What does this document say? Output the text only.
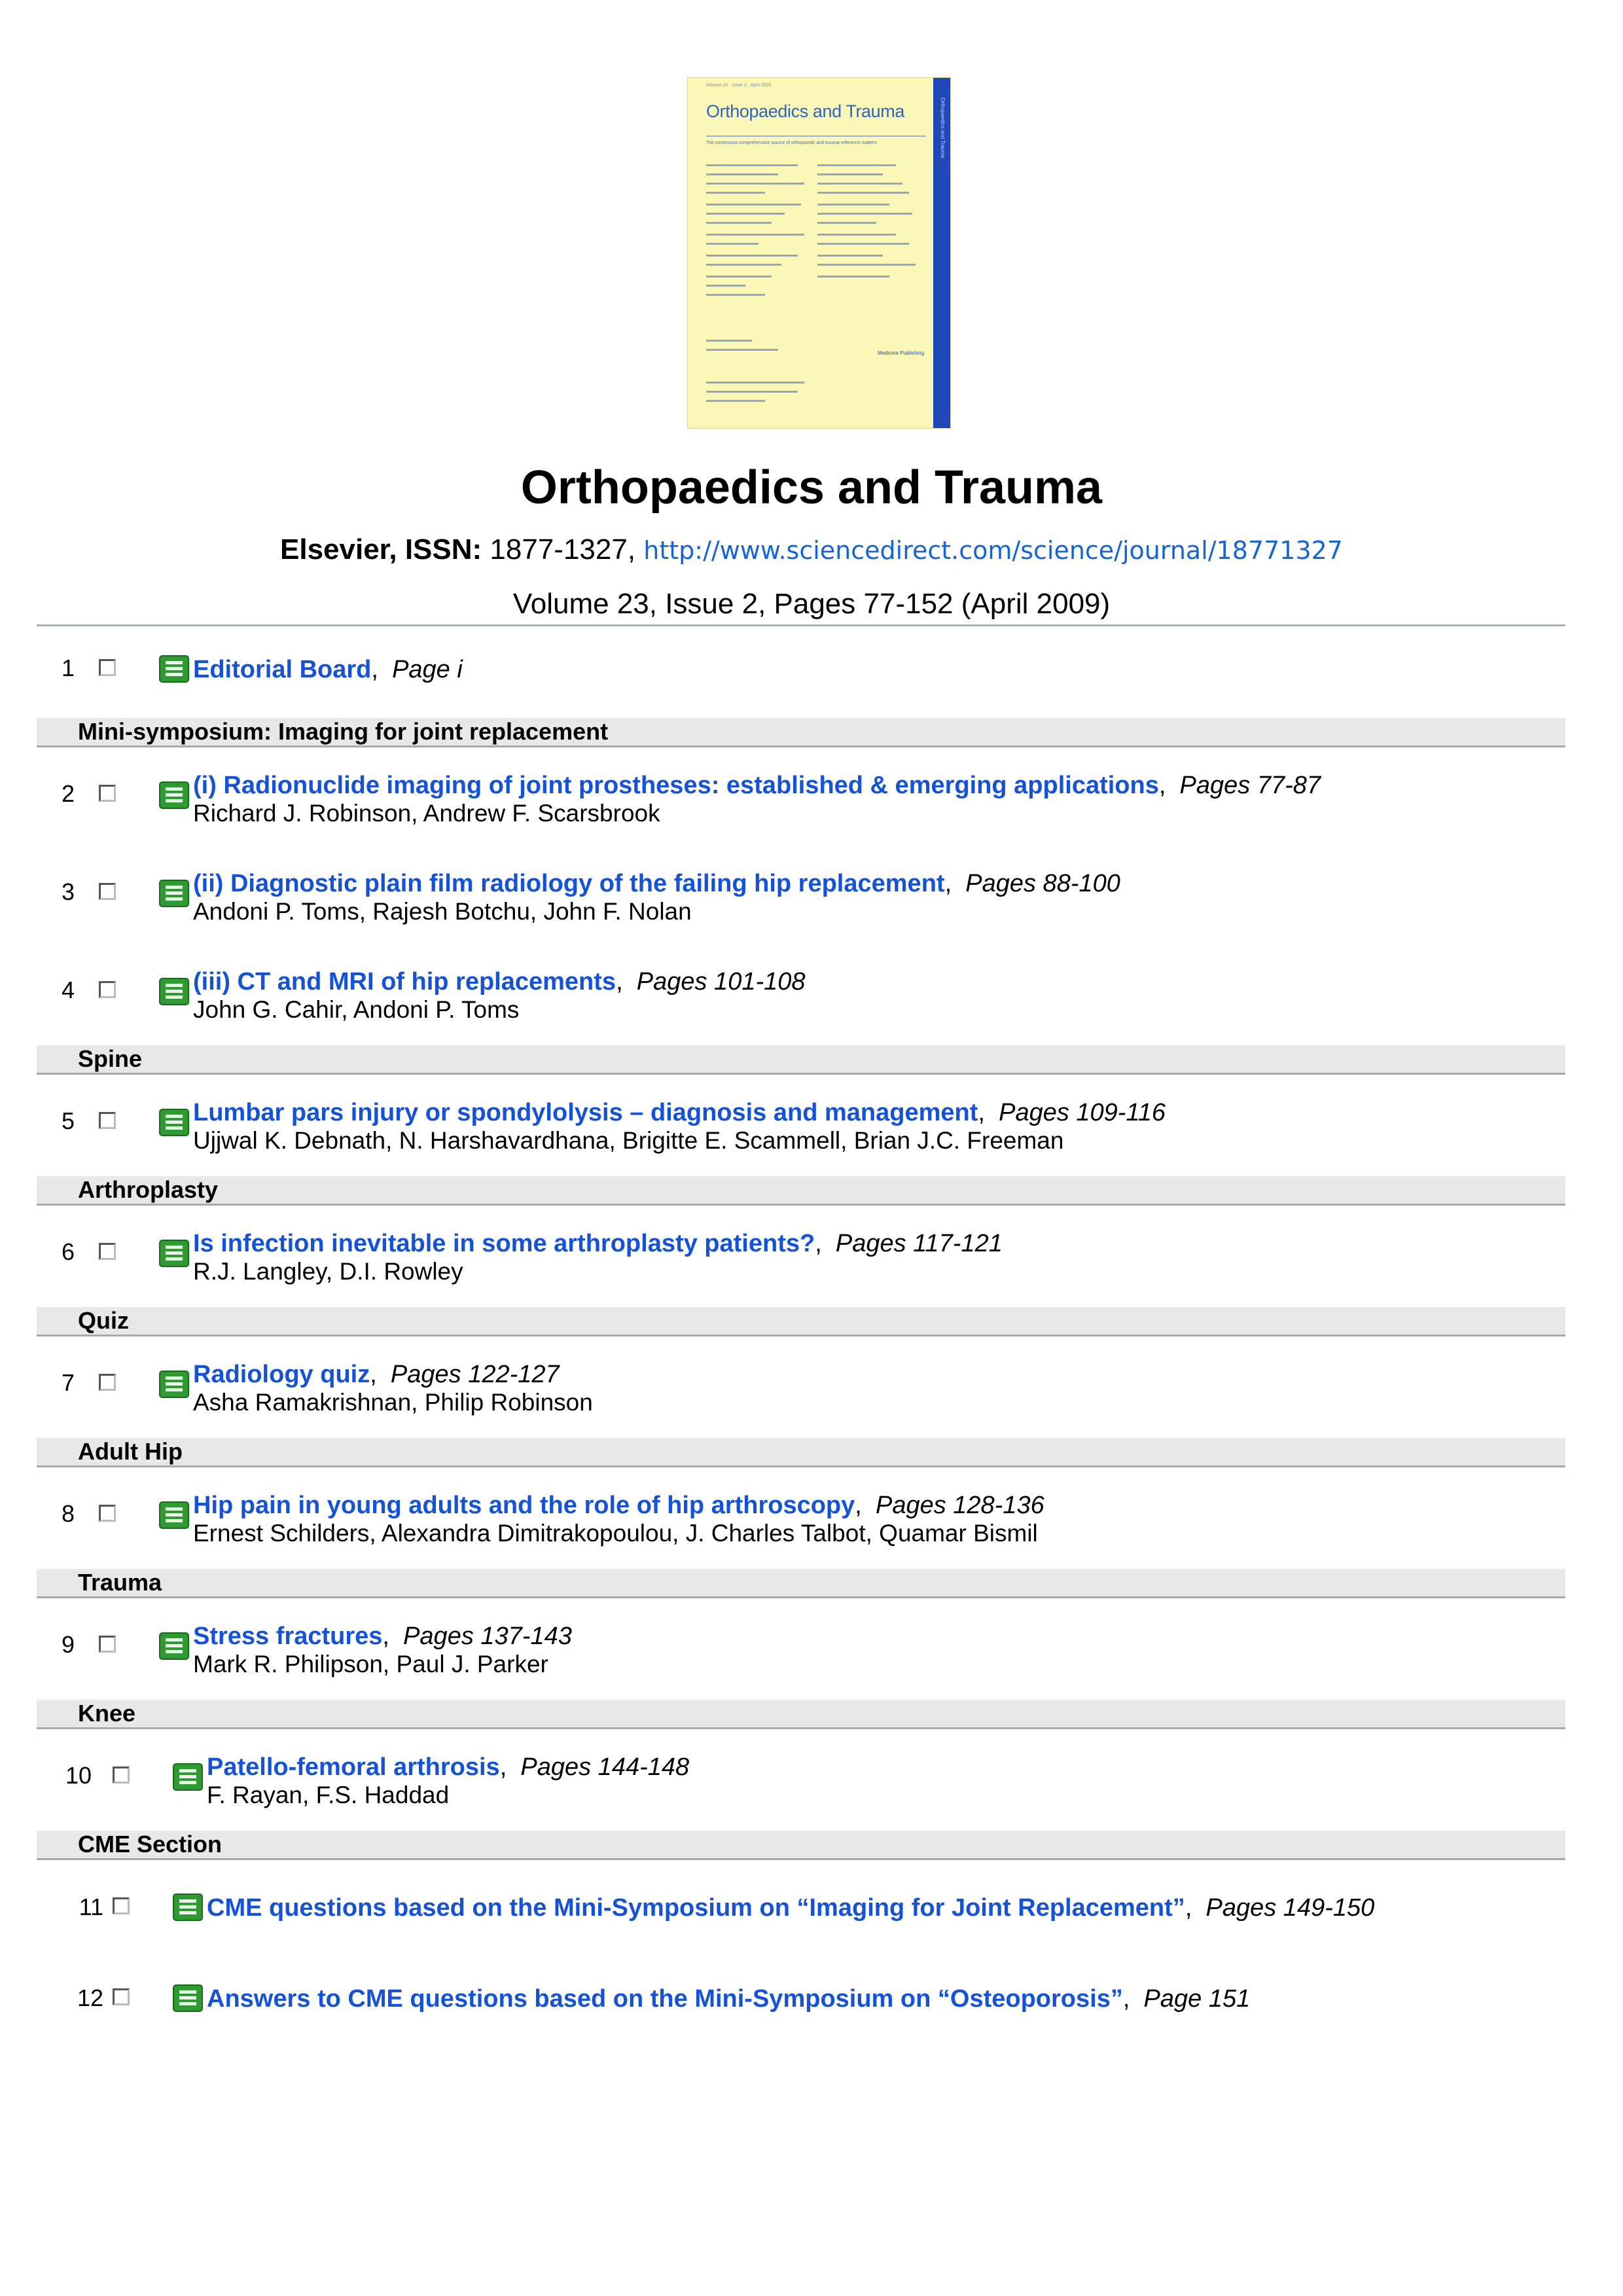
Volume 23 · Issue 2 · April 2009
Orthopaedics and Trauma
The continuous comprehensive source of orthopaedic and trauma reference matters
Medicine Publishing
Orthopaedics and Trauma
Orthopaedics and Trauma
Elsevier, ISSN: 1877-1327, http://www.sciencedirect.com/science/journal/18771327
Volume 23, Issue 2, Pages 77-152 (April 2009)
1	Editorial Board, Page i
Mini-symposium: Imaging for joint replacement
2	(i) Radionuclide imaging of joint prostheses: established & emerging applications, Pages 77-87
Richard J. Robinson, Andrew F. Scarsbrook
3	(ii) Diagnostic plain film radiology of the failing hip replacement, Pages 88-100
Andoni P. Toms, Rajesh Botchu, John F. Nolan
4	(iii) CT and MRI of hip replacements, Pages 101-108
John G. Cahir, Andoni P. Toms
Spine
5	Lumbar pars injury or spondylolysis – diagnosis and management, Pages 109-116
Ujjwal K. Debnath, N. Harshavardhana, Brigitte E. Scammell, Brian J.C. Freeman
Arthroplasty
6	Is infection inevitable in some arthroplasty patients?, Pages 117-121
R.J. Langley, D.I. Rowley
Quiz
7	Radiology quiz, Pages 122-127
Asha Ramakrishnan, Philip Robinson
Adult Hip
8	Hip pain in young adults and the role of hip arthroscopy, Pages 128-136
Ernest Schilders, Alexandra Dimitrakopoulou, J. Charles Talbot, Quamar Bismil
Trauma
9	Stress fractures, Pages 137-143
Mark R. Philipson, Paul J. Parker
Knee
10	Patello-femoral arthrosis, Pages 144-148
F. Rayan, F.S. Haddad
CME Section
11	CME questions based on the Mini-Symposium on “Imaging for Joint Replacement”, Pages 149-150
12	Answers to CME questions based on the Mini-Symposium on “Osteoporosis”, Page 151
